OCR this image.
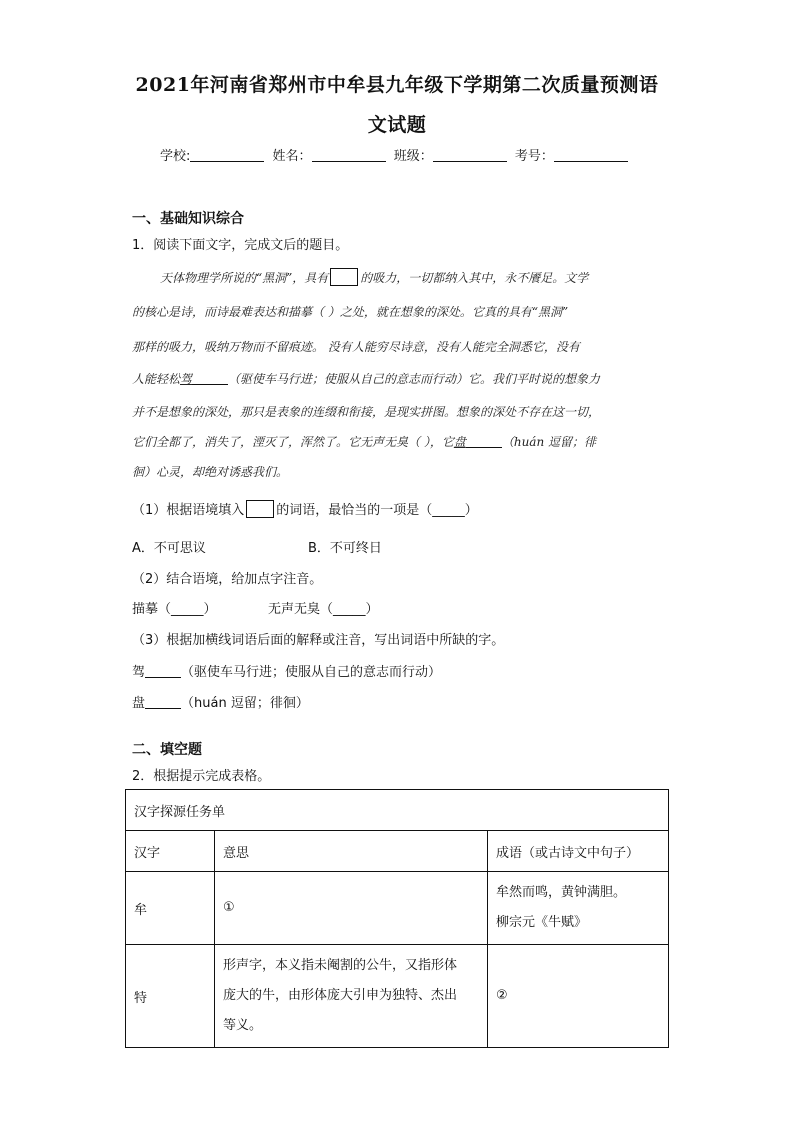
2021年河南省郑州市中牟县九年级下学期第二次质量预测语
文试题
学校:	姓名：	班级：	考号：
一、基础知识综合
1．阅读下面文字，完成文后的题目。
天体物理学所说的“黑洞”，具有	的吸力，一切都纳入其中，永不餍足。文学
的核心是诗，而诗最难表达和描摹（ ）之处，就在想象的深处。它真的具有“黑洞”
那样的吸力，吸纳万物而不留痕迹。 没有人能穷尽诗意，没有人能完全洞悉它，没有
人能轻松驾	（驱使车马行进；使服从自己的意志而行动）它。我们平时说的想象力
并不是想象的深处，那只是表象的连缀和衔接，是现实拼图。想象的深处不存在这一切，
它们全都了，消失了，湮灭了，浑然了。它无声无臭（ ），它盘	（huán 逗留；徘
徊）心灵，却绝对诱惑我们。
（1）根据语境填入 的词语，最恰当的一项是（_____）
A．不可思议	B．不可终日
（2）结合语境，给加点字注音。
描摹（_____）	无声无臭（_____）
（3）根据加横线词语后面的解释或注音，写出词语中所缺的字。
驾	（驱使车马行进；使服从自己的意志而行动）
盘	（huán 逗留；徘徊）
二、填空题
2．根据提示完成表格。
汉字探源任务单		
汉字	意思	成语（或古诗文中句子）
牟	①	牟然而鸣，黄钟满胆。
柳宗元《牛赋》

特	形声字，本义指未阉割的公牛，又指形体
庞大的牛，由形体庞大引申为独特、杰出
等义。	②
